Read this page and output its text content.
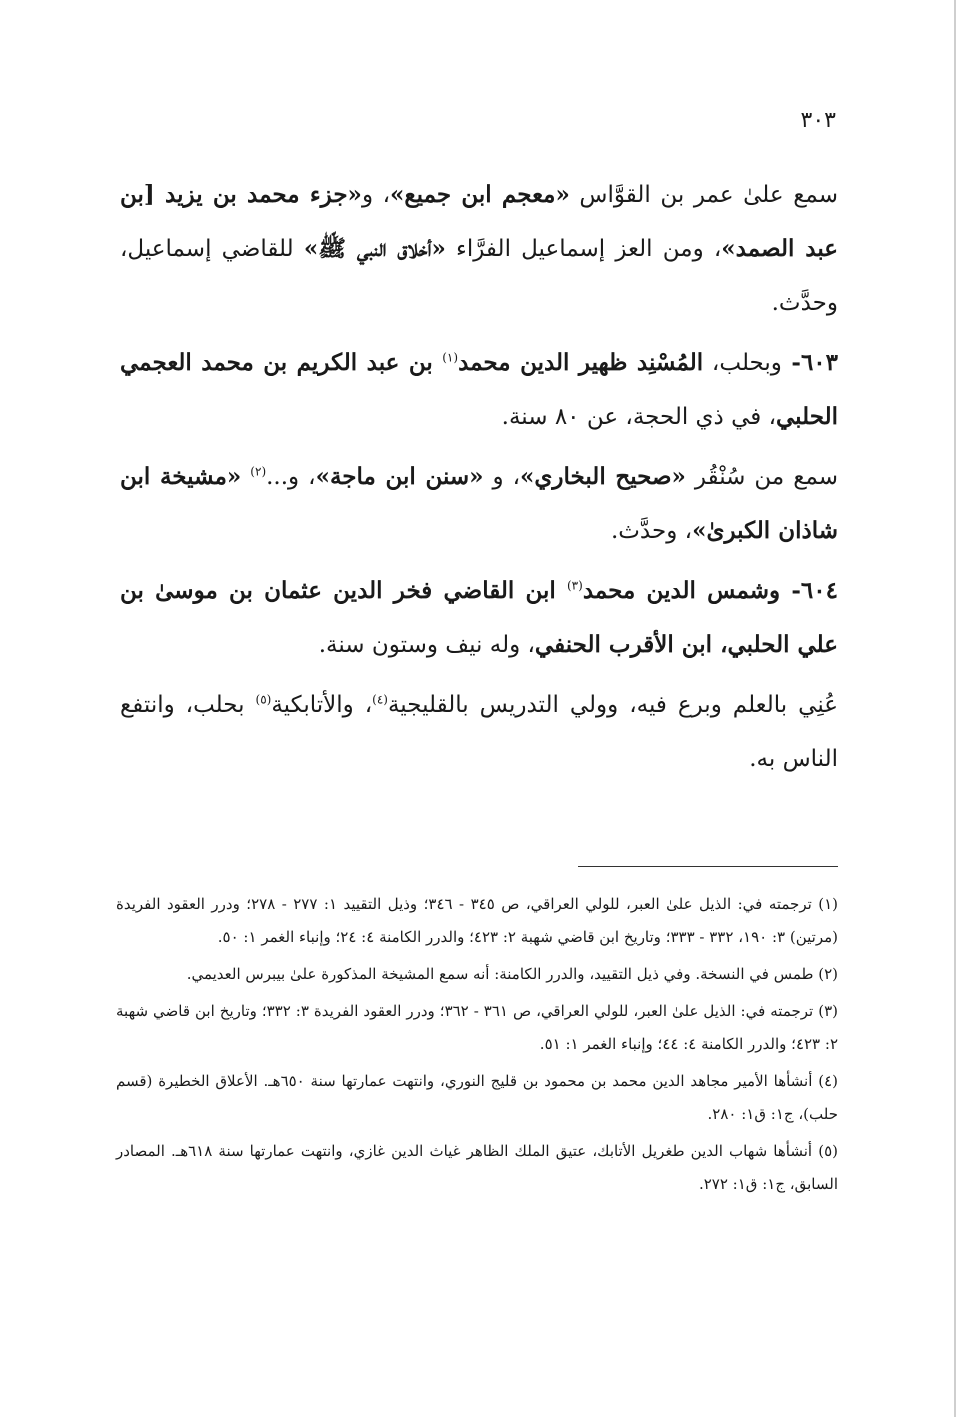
٣٠٣

سمع علىٰ عمر بن القوَّاس «معجم ابن جميع»، و«جزء محمد بن يزيد [بن عبد الصمد»، ومن العز إسماعيل الفرَّاء «أخلاق النبي ﷺ» للقاضي إسماعيل، وحدَّث.

٦٠٣- وبحلب، المُسْنِد ظهير الدين محمد$^{(١)}$ بن عبد الكريم بن محمد العجمي الحلبي، في ذي الحجة، عن ٨٠ سنة.

سمع من سُنْقُر «صحيح البخاري»، و «سنن ابن ماجة»، و...$^{(٢)}$ «مشيخة ابن شاذان الكبرىٰ»، وحدَّث.

٦٠٤- وشمس الدين محمد$^{(٣)}$ ابن القاضي فخر الدين عثمان بن موسىٰ بن علي الحلبي، ابن الأقرب الحنفي، وله نيف وستون سنة.

عُنِي بالعلم وبرع فيه، وولي التدريس بالقليجية$^{(٤)}$، والأتابكية$^{(٥)}$ بحلب، وانتفع الناس به.

(١) ترجمته في: الذيل علىٰ العبر، للولي العراقي، ص ٣٤٥ - ٣٤٦؛ وذيل التقييد ١: ٢٧٧ - ٢٧٨؛ ودرر العقود الفريدة (مرتين) ٣: ١٩٠، ٣٣٢ - ٣٣٣؛ وتاريخ ابن قاضي شهبة ٢: ٤٢٣؛ والدرر الكامنة ٤: ٢٤؛ وإنباء الغمر ١: ٥٠.

(٢) طمس في النسخة. وفي ذيل التقييد، والدرر الكامنة: أنه سمع المشيخة المذكورة علىٰ بيبرس العديمي.

(٣) ترجمته في: الذيل علىٰ العبر، للولي العراقي، ص ٣٦١ - ٣٦٢؛ ودرر العقود الفريدة ٣: ٣٣٢؛ وتاريخ ابن قاضي شهبة ٢: ٤٢٣؛ والدرر الكامنة ٤: ٤٤؛ وإنباء الغمر ١: ٥١.

(٤) أنشأها الأمير مجاهد الدين محمد بن محمود بن قليج النوري، وانتهت عمارتها سنة ٦٥٠هـ. الأعلاق الخطيرة (قسم حلب)، ج١: ق١: ٢٨٠.

(٥) أنشأها شهاب الدين طغريل الأتابك، عتيق الملك الظاهر غياث الدين غازي، وانتهت عمارتها سنة ٦١٨هـ. المصادر السابق، ج١: ق١: ٢٧٢.
